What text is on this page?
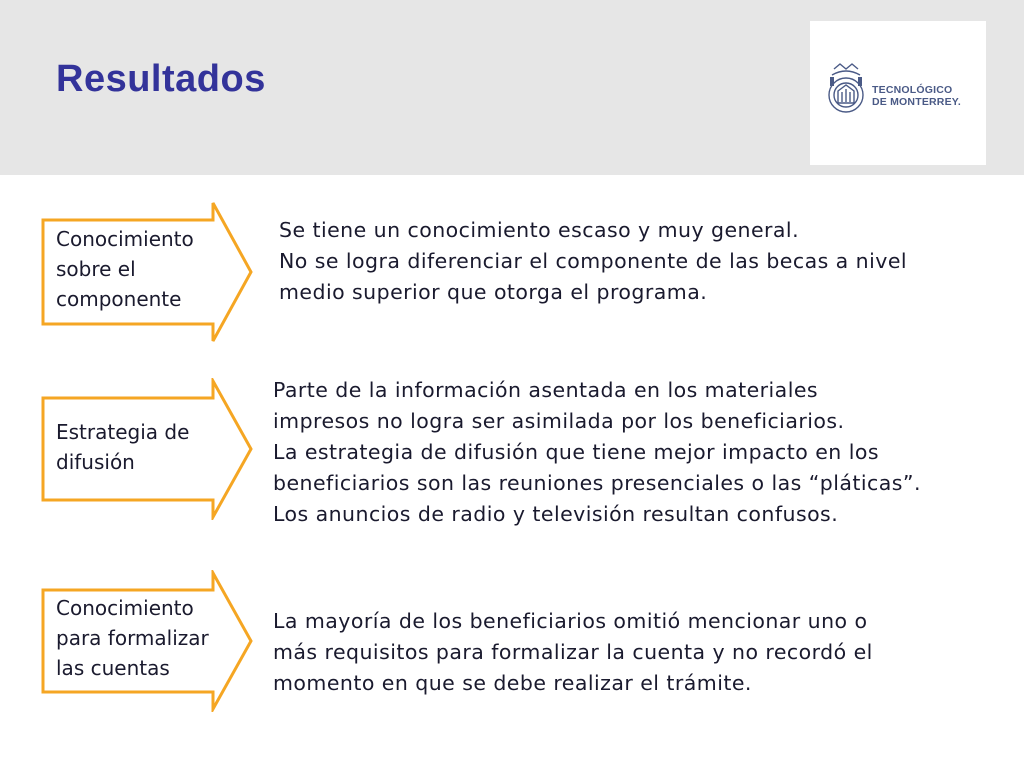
Resultados	TECNOLÓGICO
DE MONTERREY.

Conocimiento
sobre el
componente

Se tiene un conocimiento escaso y muy general.
No se logra diferenciar el componente de las becas a nivel
medio superior que otorga el programa.

Estrategia de
difusión

Parte de la información asentada en los materiales
impresos no logra ser asimilada por los beneficiarios.
La estrategia de difusión que tiene mejor impacto en los
beneficiarios son las reuniones presenciales o las “pláticas”.
Los anuncios de radio y televisión resultan confusos.

Conocimiento
para formalizar
las cuentas

La mayoría de los beneficiarios omitió mencionar uno o
más requisitos para formalizar la cuenta y no recordó el
momento en que se debe realizar el trámite.
